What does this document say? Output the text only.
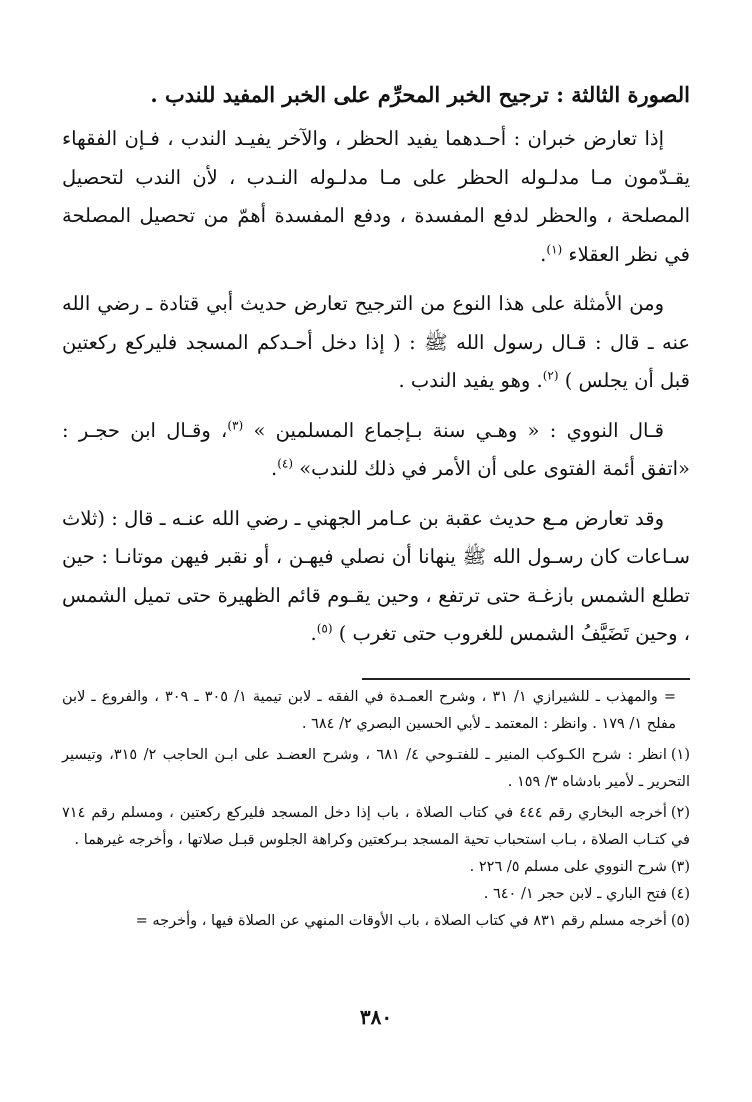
الصورة الثالثة : ترجيح الخبر المحرِّم على الخبر المفيد للندب .

إذا تعارض خبران : أحـدهما يفيد الحظر ، والآخر يفيـد الندب ، فـإن الفقهاء يقـدّمون مـا مدلـوله الحظر على مـا مدلـوله النـدب ، لأن الندب لتحصيل المصلحة ، والحظر لدفع المفسدة ، ودفع المفسدة أهمّ من تحصيل المصلحة في نظر العقلاء $^{(١)}$.

ومن الأمثلة على هذا النوع من الترجيح تعارض حديث أبي قتادة ـ رضي الله عنه ـ قال : قـال رسول الله ﷺ : ( إذا دخل أحـدكم المسجد فليركع ركعتين قبل أن يجلس ) $^{(٢)}$. وهو يفيد الندب .

قـال النووي : « وهـي سنة بـإجماع المسلمين » $^{(٣)}$، وقـال ابن حجـر : «اتفق أئمة الفتوى على أن الأمر في ذلك للندب» $^{(٤)}$.

وقد تعارض مـع حديث عقبة بن عـامر الجهني ـ رضي الله عنـه ـ قال : (ثلاث سـاعات كان رسـول الله ﷺ ينهانا أن نصلي فيهـن ، أو نقبر فيهن موتانـا : حين تطلع الشمس بازغـة حتى ترتفع ، وحين يقـوم قائم الظهيرة حتى تميل الشمس ، وحين تَضَيَّفُ الشمس للغروب حتى تغرب ) $^{(٥)}$.

= والمهذب ـ للشيرازي ١/ ٣١ ، وشرح العمـدة في الفقه ـ لابن تيمية ١/ ٣٠٥ ـ ٣٠٩ ، والفروع ـ لابن مفلح ١/ ١٧٩ . وانظر : المعتمد ـ لأبي الحسين البصري ٢/ ٦٨٤ .

(١)انظر : شرح الكـوكب المنير ـ للفتـوحي ٤/ ٦٨١ ، وشرح العضـد على ابـن الحاجب ٢/ ٣١٥، وتيسير التحرير ـ لأمير بادشاه ٣/ ١٥٩ .

(٢)أخرجه البخاري رقم ٤٤٤ في كتاب الصلاة ، باب إذا دخل المسجد فليركع ركعتين ، ومسلم رقم ٧١٤ في كتـاب الصلاة ، بـاب استحباب تحية المسجد بـركعتين وكراهة الجلوس قبـل صلاتها ، وأخرجه غيرهما .

(٣)شرح النووي على مسلم ٥/ ٢٢٦ .

(٤)فتح الباري ـ لابن حجر ١/ ٦٤٠ .

(٥)أخرجه مسلم رقم ٨٣١ في كتاب الصلاة ، باب الأوقات المنهي عن الصلاة فيها ، وأخرجه =

٣٨٠
